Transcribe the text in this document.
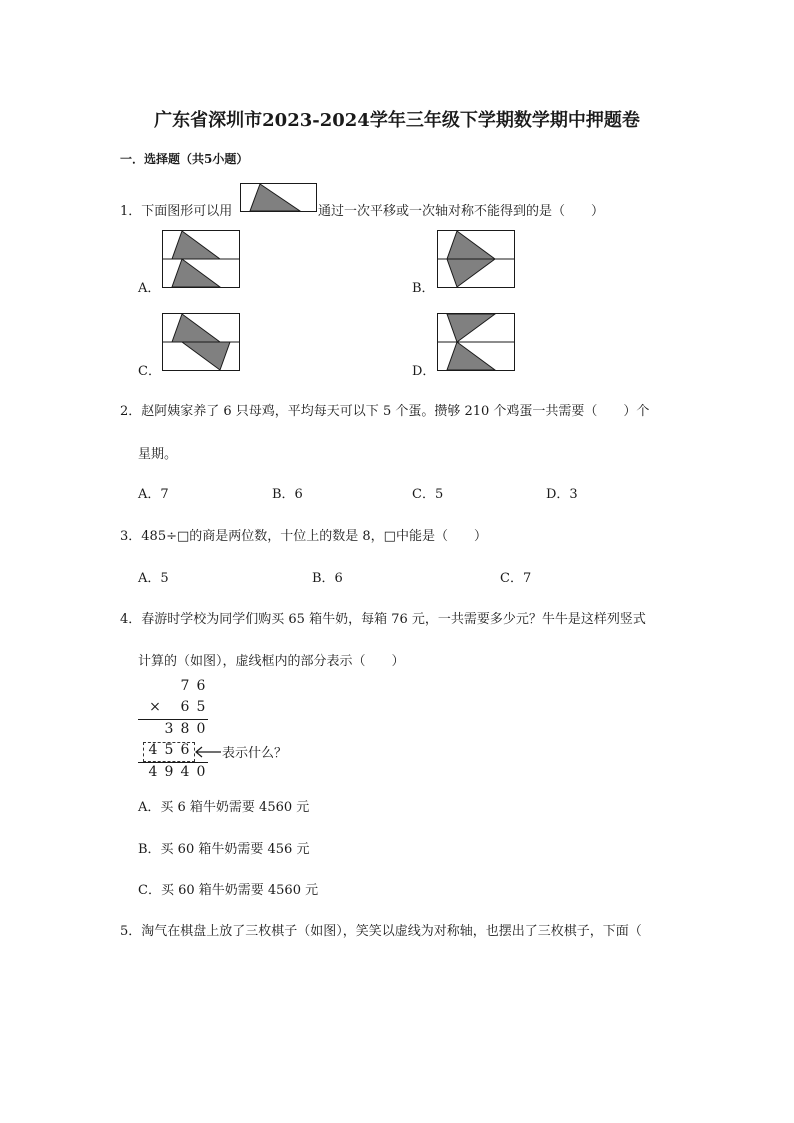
广东省深圳市2023-2024学年三年级下学期数学期中押题卷
一．选择题（共5小题）
1．下面图形可以用	通过一次平移或一次轴对称不能得到的是（　　）
A．	B．
C．	D．
2．赵阿姨家养了 6 只母鸡，平均每天可以下 5 个蛋。攒够 210 个鸡蛋一共需要（　　）个
星期。
A．7	B．6	C．5	D．3
3．485÷□的商是两位数，十位上的数是 8，□中能是（　　）
A．5	B．6	C．7
4．春游时学校为同学们购买 65 箱牛奶，每箱 76 元，一共需要多少元？牛牛是这样列竖式
计算的（如图），虚线框内的部分表示（　　）
7 6
× 6 5
3 8 0
4 5 6
4 9 4 0
表示什么？
A．买 6 箱牛奶需要 4560 元
B．买 60 箱牛奶需要 456 元
C．买 60 箱牛奶需要 4560 元
5．淘气在棋盘上放了三枚棋子（如图），笑笑以虚线为对称轴，也摆出了三枚棋子，下面（
